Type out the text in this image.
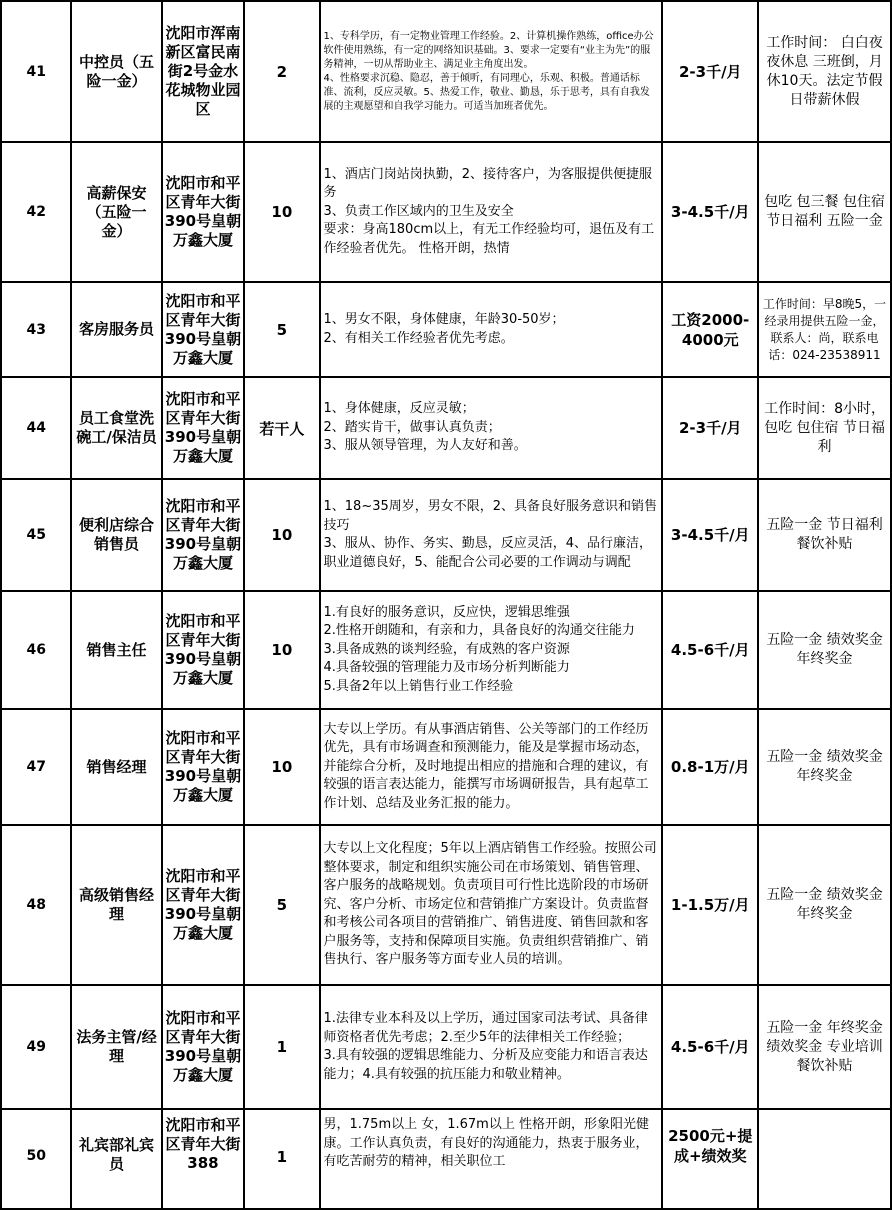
41	中控员（五险一金）	沈阳市浑南新区富民南街2号金水花城物业园区	2	1、专科学历，有一定物业管理工作经验。2、计算机操作熟练，office办公软件使用熟练，有一定的网络知识基础。3、要求一定要有“业主为先”的服务精神，一切从帮助业主、满足业主角度出发。
4、性格要求沉稳、隐忍，善于倾听，有同理心，乐观、积极。普通话标准、流利，反应灵敏。5、热爱工作，敬业、勤恳，乐于思考，具有自我发展的主观愿望和自我学习能力。可适当加班者优先。	2-3千/月	工作时间： 白白夜夜休息 三班倒，月休10天。法定节假日带薪休假
42	高薪保安（五险一金）	沈阳市和平区青年大街390号皇朝万鑫大厦	10	1、酒店门岗站岗执勤，2、接待客户，为客服提供便捷服务
3、负责工作区域内的卫生及安全
要求：身高180cm以上，有无工作经验均可，退伍及有工作经验者优先。 性格开朗，热情	3-4.5千/月	包吃 包三餐 包住宿 节日福利 五险一金
43	客房服务员	沈阳市和平区青年大街390号皇朝万鑫大厦	5	1、男女不限，身体健康，年龄30-50岁；
2、有相关工作经验者优先考虑。	工资2000-4000元	工作时间：早8晚5，一经录用提供五险一金，联系人：尚，联系电话：024-23538911
44	员工食堂洗碗工/保洁员	沈阳市和平区青年大街390号皇朝万鑫大厦	若干人	1、身体健康，反应灵敏；
2、踏实肯干，做事认真负责；
3、服从领导管理，为人友好和善。	2-3千/月	工作时间：8小时，包吃 包住宿 节日福利
45	便利店综合销售员	沈阳市和平区青年大街390号皇朝万鑫大厦	10	1、18~35周岁，男女不限，2、具备良好服务意识和销售技巧
3、服从、协作、务实、勤恳，反应灵活，4、品行廉洁，职业道德良好，5、能配合公司必要的工作调动与调配	3-4.5千/月	五险一金 节日福利 餐饮补贴
46	销售主任	沈阳市和平区青年大街390号皇朝万鑫大厦	10	1.有良好的服务意识，反应快，逻辑思维强
2.性格开朗随和，有亲和力，具备良好的沟通交往能力
3.具备成熟的谈判经验，有成熟的客户资源
4.具备较强的管理能力及市场分析判断能力
5.具备2年以上销售行业工作经验	4.5-6千/月	五险一金 绩效奖金 年终奖金
47	销售经理	沈阳市和平区青年大街390号皇朝万鑫大厦	10	大专以上学历。有从事酒店销售、公关等部门的工作经历优先，具有市场调查和预测能力，能及是掌握市场动态，并能综合分析，及时地提出相应的措施和合理的建议，有较强的语言表达能力，能撰写市场调研报告，具有起草工作计划、总结及业务汇报的能力。	0.8-1万/月	五险一金 绩效奖金 年终奖金
48	高级销售经理	沈阳市和平区青年大街390号皇朝万鑫大厦	5	大专以上文化程度；5年以上酒店销售工作经验。按照公司整体要求，制定和组织实施公司在市场策划、销售管理、客户服务的战略规划。负责项目可行性比选阶段的市场研究、客户分析、市场定位和营销推广方案设计。负责监督和考核公司各项目的营销推广、销售进度、销售回款和客户服务等，支持和保障项目实施。负责组织营销推广、销售执行、客户服务等方面专业人员的培训。	1-1.5万/月	五险一金 绩效奖金 年终奖金
49	法务主管/经理	沈阳市和平区青年大街390号皇朝万鑫大厦	1	1.法律专业本科及以上学历，通过国家司法考试、具备律师资格者优先考虑；2.至少5年的法律相关工作经验；
3.具有较强的逻辑思维能力、分析及应变能力和语言表达能力；4.具有较强的抗压能力和敬业精神。	4.5-6千/月	五险一金 年终奖金 绩效奖金 专业培训 餐饮补贴
50	礼宾部礼宾员	沈阳市和平区青年大街388	1	男，1.75m以上 女，1.67m以上 性格开朗，形象阳光健康。工作认真负责，有良好的沟通能力，热衷于服务业，有吃苦耐劳的精神，相关职位工	2500元+提成+绩效奖	
